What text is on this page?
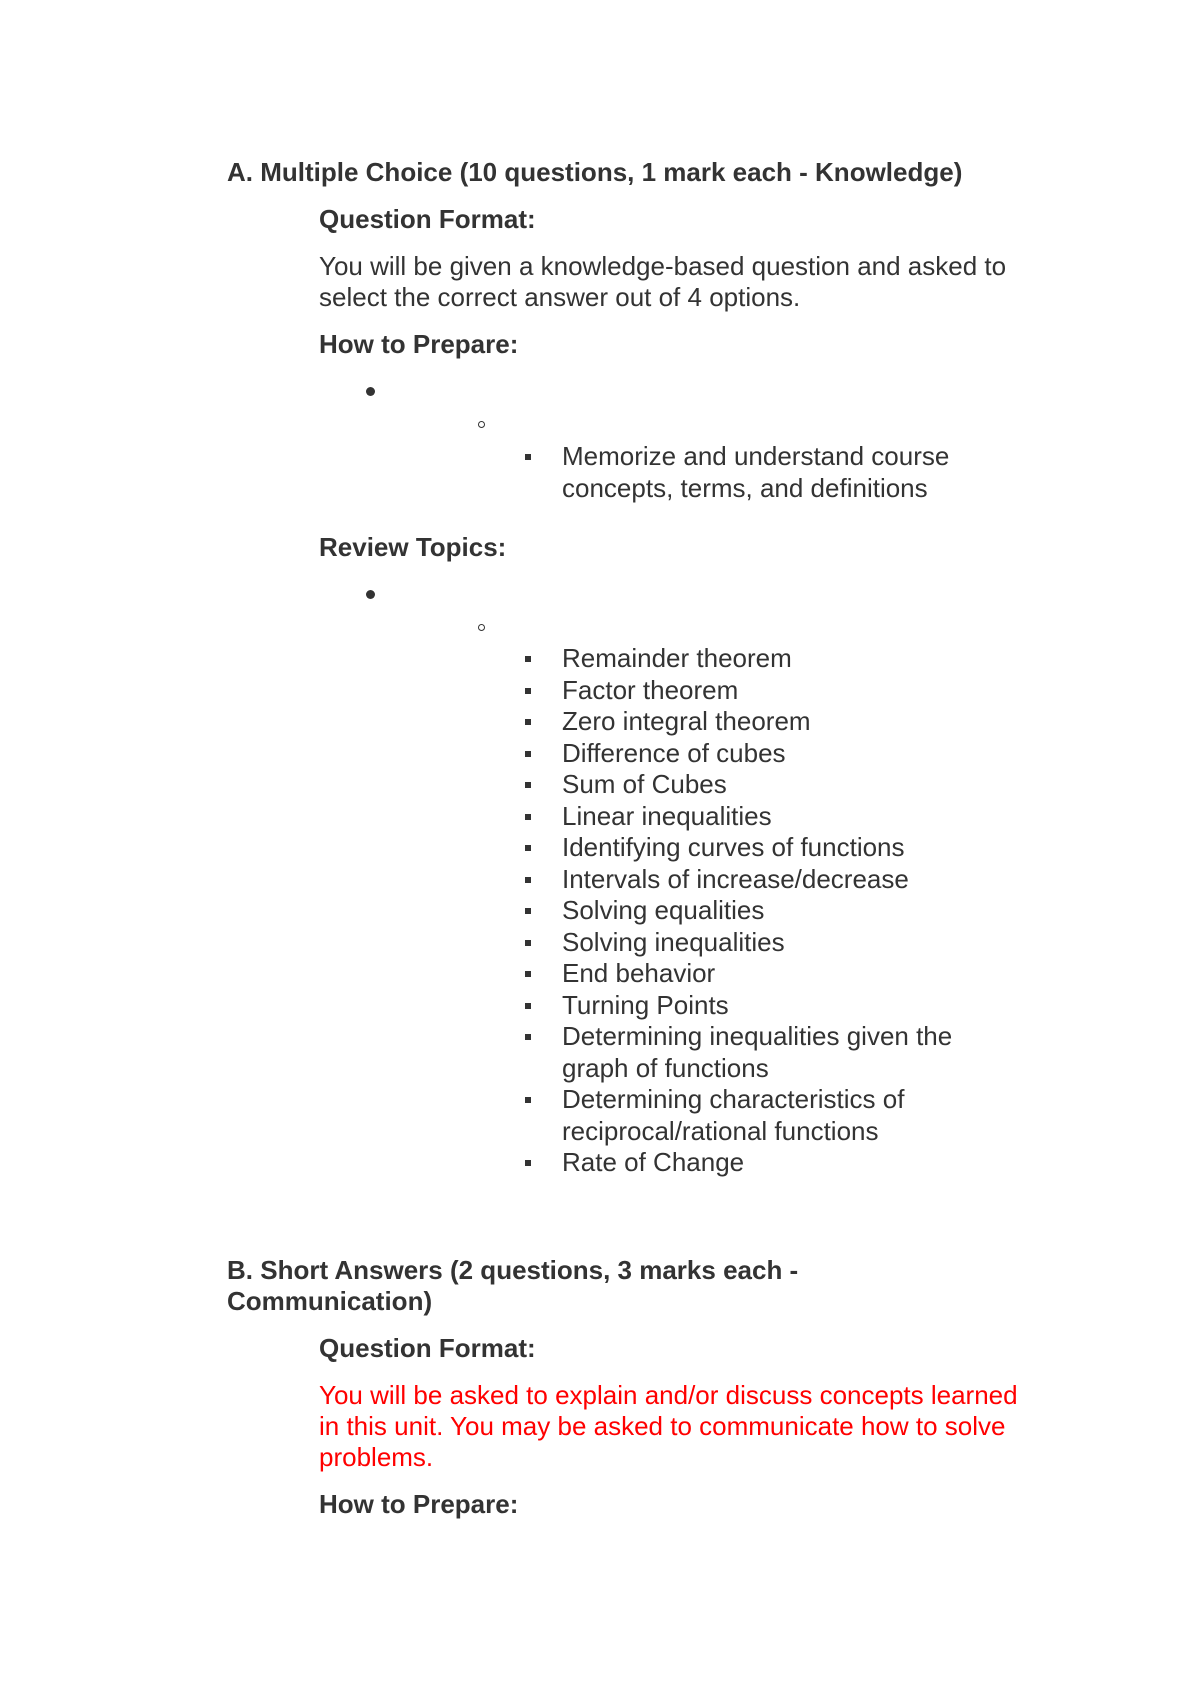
A. Multiple Choice (10 questions, 1 mark each - Knowledge)
Question Format:

You will be given a knowledge-based question and asked to select the correct answer out of 4 options.

How to Prepare:
Memorize and understand course concepts, terms, and definitions
Review Topics:
Remainder theorem
Factor theorem
Zero integral theorem
Difference of cubes
Sum of Cubes
Linear inequalities
Identifying curves of functions
Intervals of increase/decrease
Solving equalities
Solving inequalities
End behavior
Turning Points
Determining inequalities given the graph of functions
Determining characteristics of reciprocal/rational functions
Rate of Change
B. Short Answers (2 questions, 3 marks each - Communication)
Question Format:

You will be asked to explain and/or discuss concepts learned in this unit. You may be asked to communicate how to solve problems.

How to Prepare:
